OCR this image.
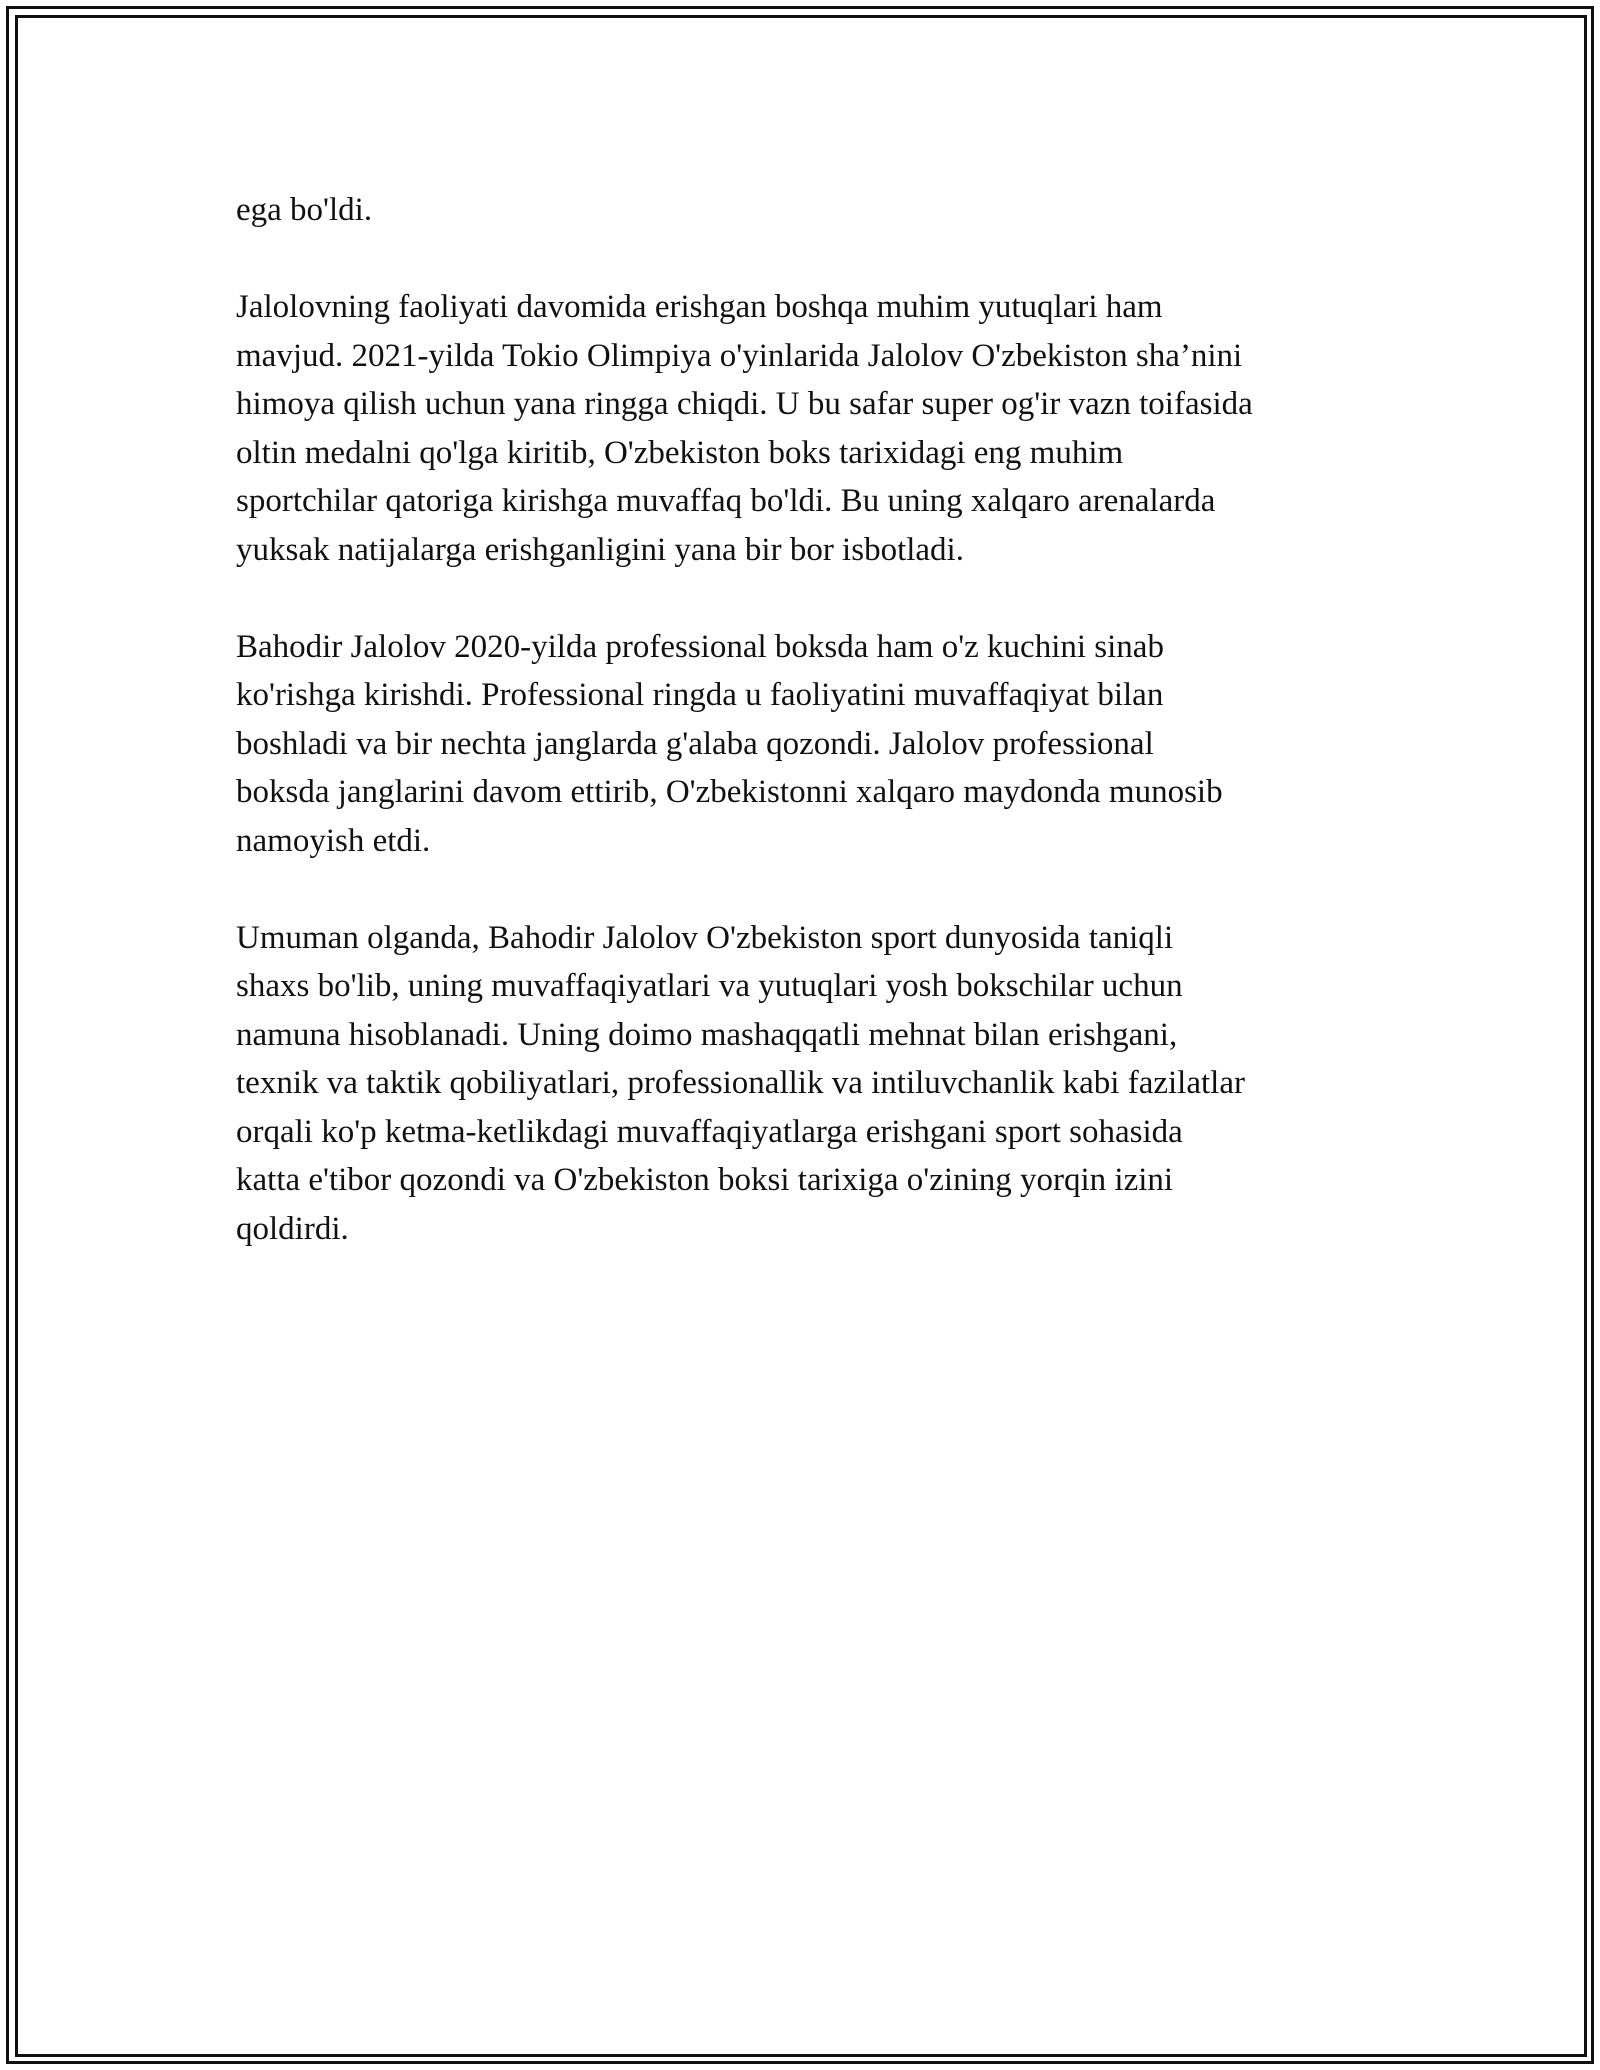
ega bo'ldi.

Jalolovning faoliyati davomida erishgan boshqa muhim yutuqlari ham
mavjud. 2021-yilda Tokio Olimpiya o'yinlarida Jalolov O'zbekiston sha’nini
himoya qilish uchun yana ringga chiqdi. U bu safar super og'ir vazn toifasida
oltin medalni qo'lga kiritib, O'zbekiston boks tarixidagi eng muhim
sportchilar qatoriga kirishga muvaffaq bo'ldi. Bu uning xalqaro arenalarda
yuksak natijalarga erishganligini yana bir bor isbotladi.

Bahodir Jalolov 2020-yilda professional boksda ham o'z kuchini sinab
ko'rishga kirishdi. Professional ringda u faoliyatini muvaffaqiyat bilan
boshladi va bir nechta janglarda g'alaba qozondi. Jalolov professional
boksda janglarini davom ettirib, O'zbekistonni xalqaro maydonda munosib
namoyish etdi.

Umuman olganda, Bahodir Jalolov O'zbekiston sport dunyosida taniqli
shaxs bo'lib, uning muvaffaqiyatlari va yutuqlari yosh bokschilar uchun
namuna hisoblanadi. Uning doimo mashaqqatli mehnat bilan erishgani,
texnik va taktik qobiliyatlari, professionallik va intiluvchanlik kabi fazilatlar
orqali ko'p ketma-ketlikdagi muvaffaqiyatlarga erishgani sport sohasida
katta e'tibor qozondi va O'zbekiston boksi tarixiga o'zining yorqin izini
qoldirdi.
